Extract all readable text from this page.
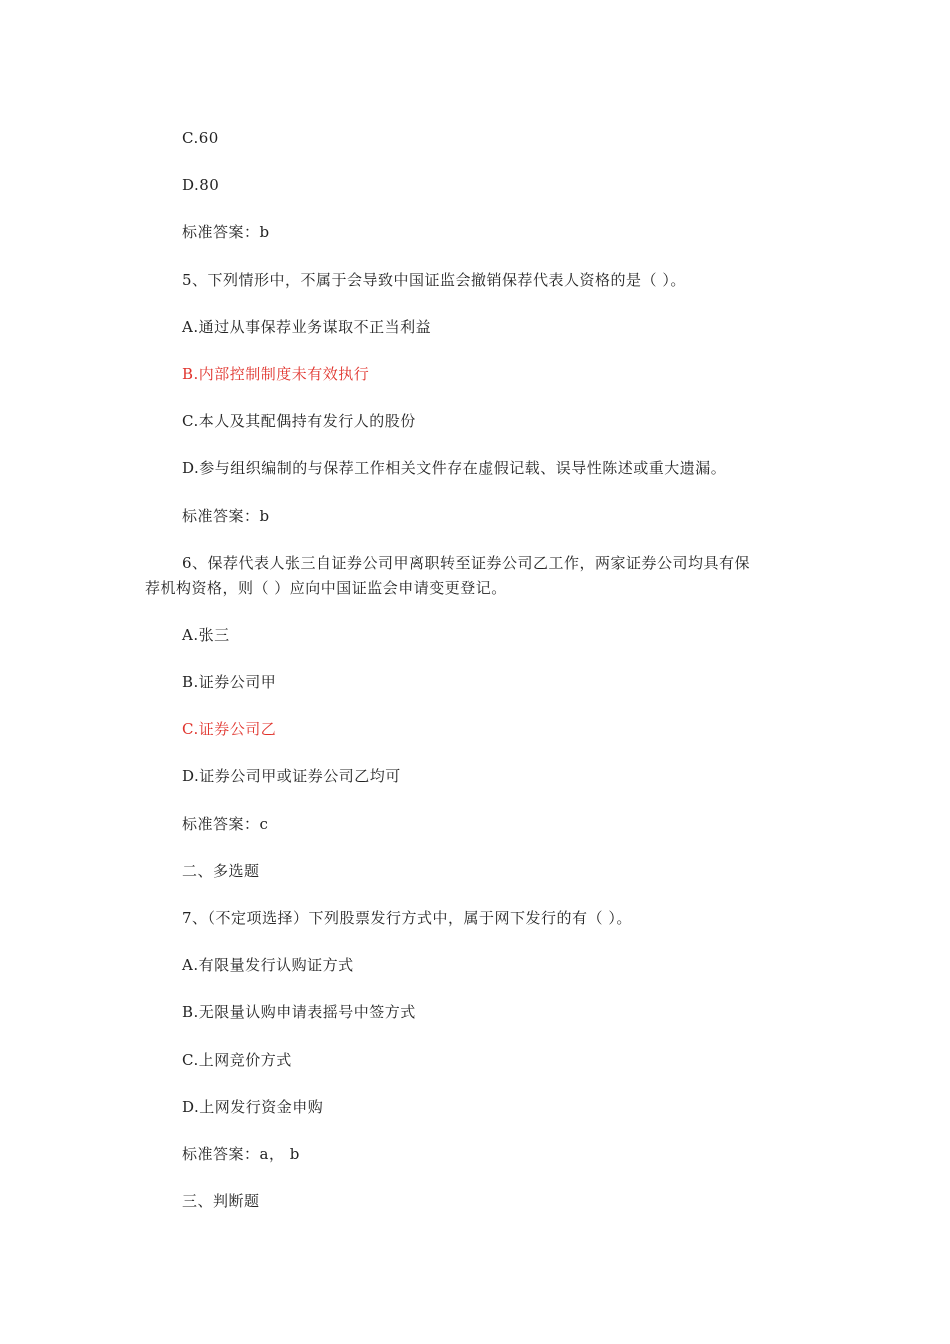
C.60
D.80
标准答案：b
5、下列情形中，不属于会导致中国证监会撤销保荐代表人资格的是（ ）。
A.通过从事保荐业务谋取不正当利益
B.内部控制制度未有效执行
C.本人及其配偶持有发行人的股份
D.参与组织编制的与保荐工作相关文件存在虚假记载、误导性陈述或重大遗漏。
标准答案：b
6、保荐代表人张三自证券公司甲离职转至证券公司乙工作，两家证券公司均具有保
荐机构资格，则（ ）应向中国证监会申请变更登记。
A.张三
B.证券公司甲
C.证券公司乙
D.证券公司甲或证券公司乙均可
标准答案：c
二、多选题
7、（不定项选择）下列股票发行方式中，属于网下发行的有（ ）。
A.有限量发行认购证方式
B.无限量认购申请表摇号中签方式
C.上网竞价方式
D.上网发行资金申购
标准答案：a， b
三、判断题
